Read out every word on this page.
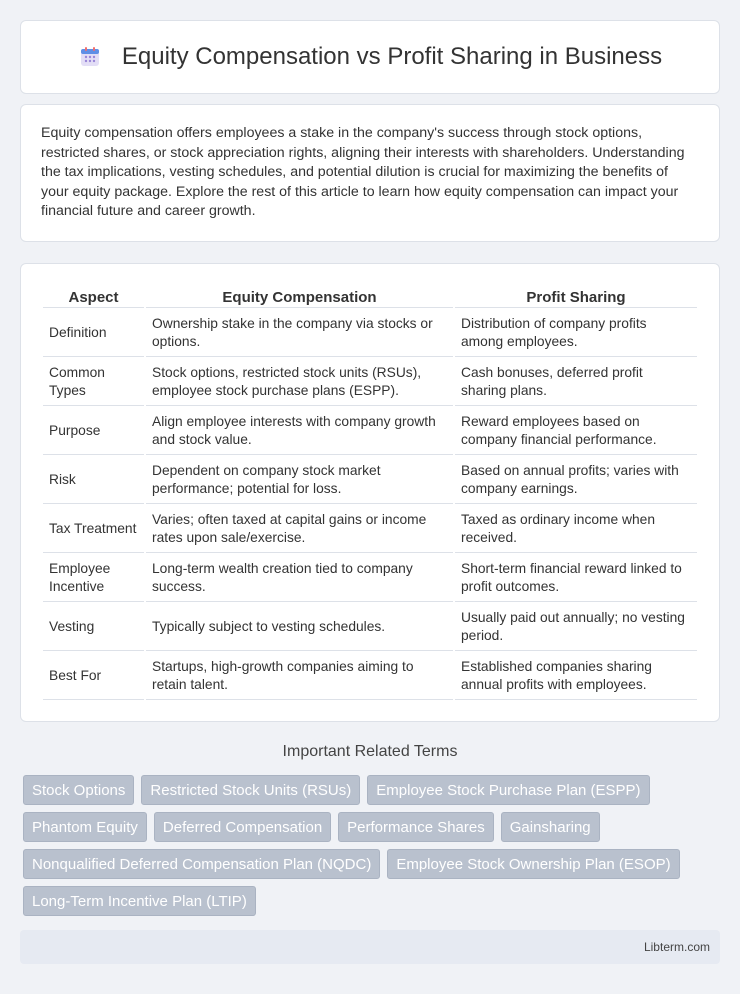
Equity Compensation vs Profit Sharing in Business

Equity compensation offers employees a stake in the company's success through stock options, restricted shares, or stock appreciation rights, aligning their interests with shareholders. Understanding the tax implications, vesting schedules, and potential dilution is crucial for maximizing the benefits of your equity package. Explore the rest of this article to learn how equity compensation can impact your financial future and career growth.

Aspect	Equity Compensation	Profit Sharing
Definition	Ownership stake in the company via stocks or options.	Distribution of company profits among employees.
Common Types	Stock options, restricted stock units (RSUs), employee stock purchase plans (ESPP).	Cash bonuses, deferred profit sharing plans.
Purpose	Align employee interests with company growth and stock value.	Reward employees based on company financial performance.
Risk	Dependent on company stock market performance; potential for loss.	Based on annual profits; varies with company earnings.
Tax Treatment	Varies; often taxed at capital gains or income rates upon sale/exercise.	Taxed as ordinary income when received.
Employee Incentive	Long-term wealth creation tied to company success.	Short-term financial reward linked to profit outcomes.
Vesting	Typically subject to vesting schedules.	Usually paid out annually; no vesting period.
Best For	Startups, high-growth companies aiming to retain talent.	Established companies sharing annual profits with employees.
Important Related Terms
Stock Options	Restricted Stock Units (RSUs)	Employee Stock Purchase Plan (ESPP)
Phantom Equity	Deferred Compensation	Performance Shares	Gainsharing
Nonqualified Deferred Compensation Plan (NQDC)	Employee Stock Ownership Plan (ESOP)
Long-Term Incentive Plan (LTIP)
Libterm.com
